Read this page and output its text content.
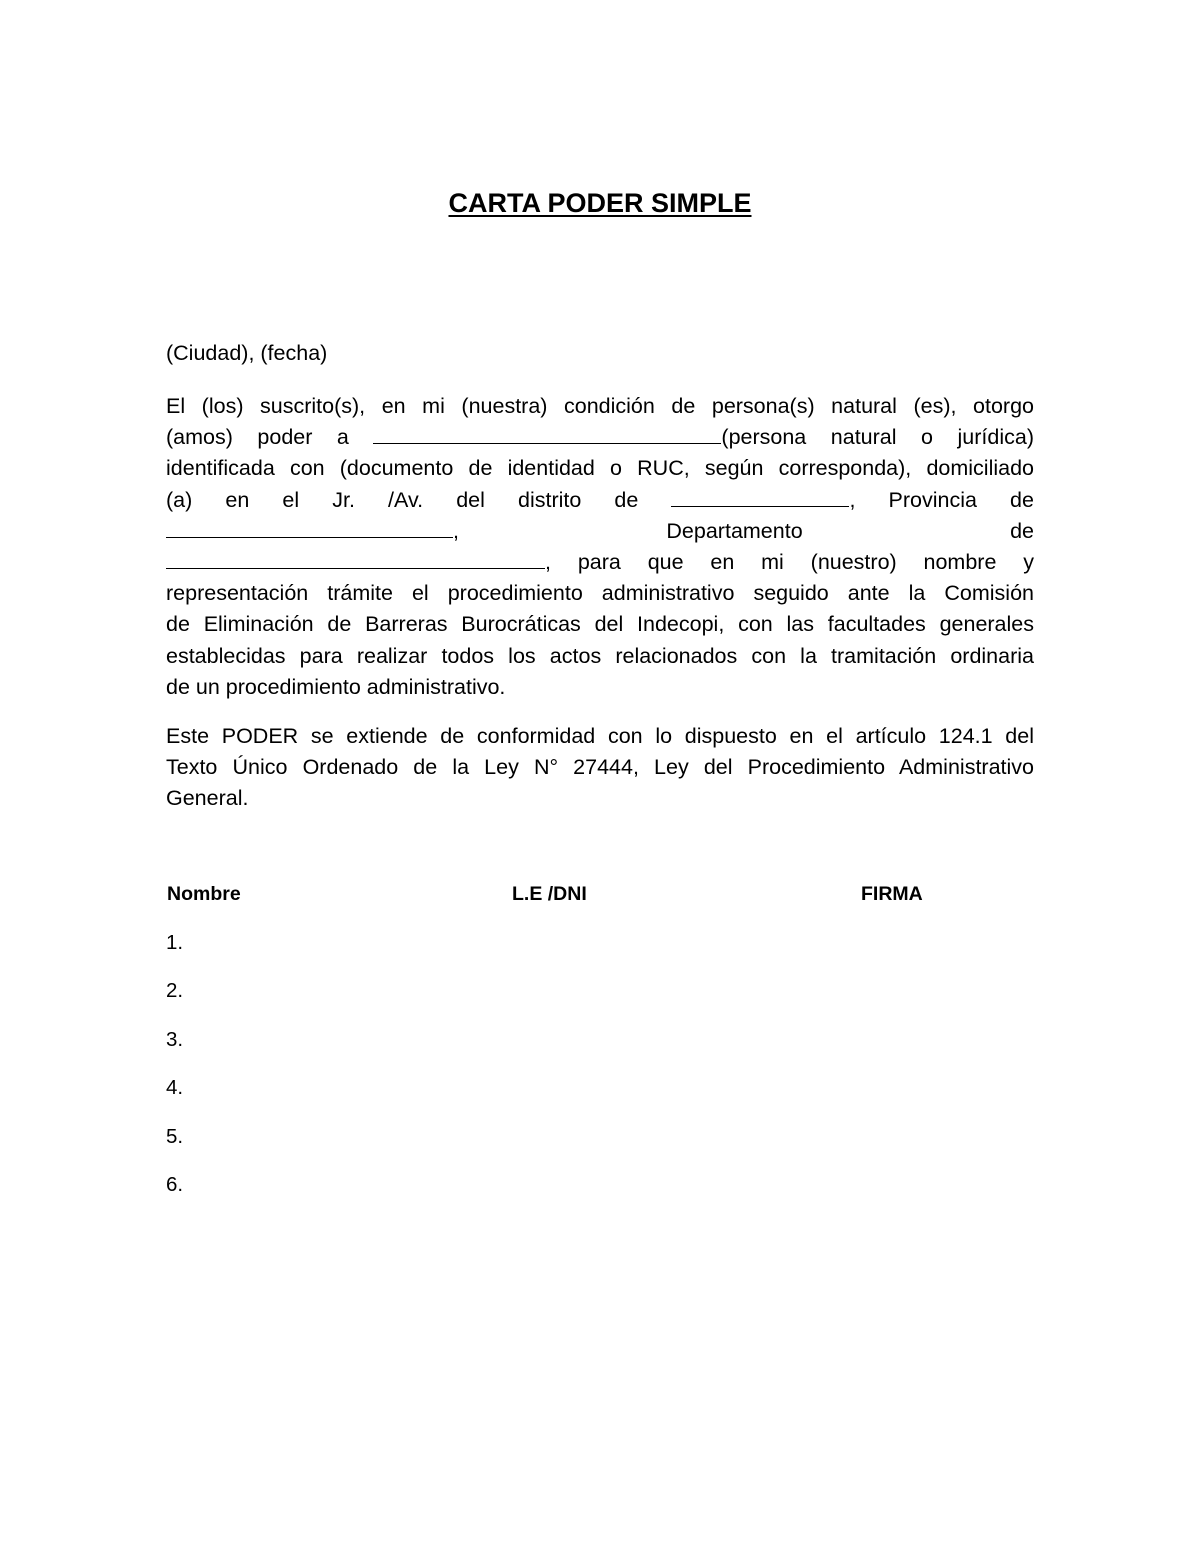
CARTA PODER SIMPLE

(Ciudad), (fecha)

El (los) suscrito(s), en mi (nuestra) condición de persona(s) natural (es), otorgo
(amos) poder a	(persona natural o jurídica)
identificada con (documento de identidad o RUC, según corresponda), domiciliado
(a) en el Jr. /Av. del distrito de	, Provincia de
,	Departamento	de
, para que en mi (nuestro) nombre y
representación trámite el procedimiento administrativo seguido ante la Comisión
de Eliminación de Barreras Burocráticas del Indecopi, con las facultades generales
establecidas para realizar todos los actos relacionados con la tramitación ordinaria
de un procedimiento administrativo.
Este PODER se extiende de conformidad con lo dispuesto en el artículo 124.1 del
Texto Único Ordenado de la Ley N° 27444, Ley del Procedimiento Administrativo
General.
Nombre	L.E /DNI	FIRMA
1.
2.
3.
4.
5.
6.
